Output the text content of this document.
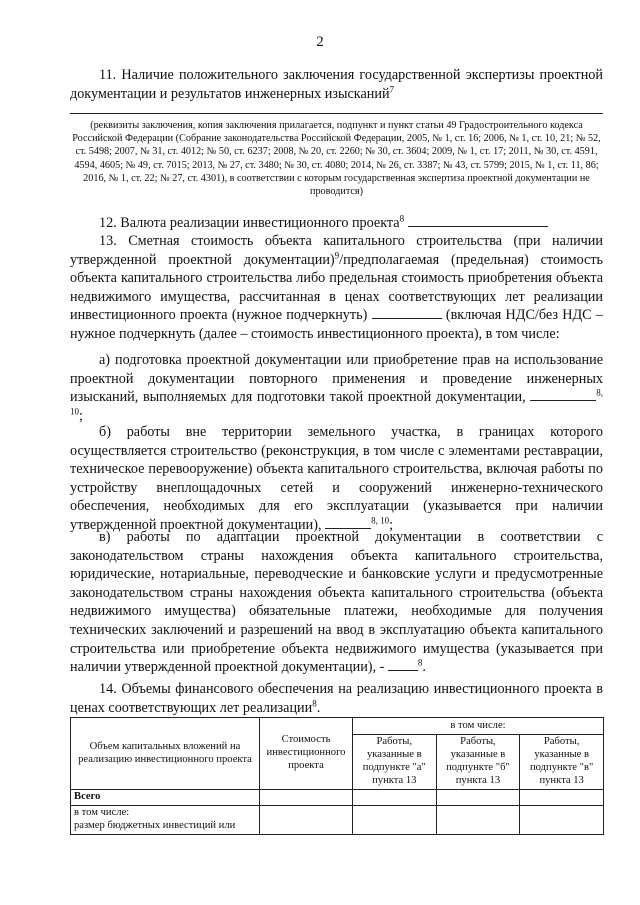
2

11. Наличие положительного заключения государственной экспертизы проектной документации и результатов инженерных изысканий$^7$

(реквизиты заключения, копия заключения прилагается, подпункт и пункт статьи 49 Градостроительного кодекса Российской Федерации (Собрание законодательства Российской Федерации, 2005, № 1, ст. 16; 2006, № 1, ст. 10, 21; № 52, ст. 5498; 2007, № 31, ст. 4012; № 50, ст. 6237; 2008, № 20, ст. 2260; № 30, ст. 3604; 2009, № 1, ст. 17; 2011, № 30, ст. 4591, 4594, 4605; № 49, ст. 7015; 2013, № 27, ст. 3480; № 30, ст. 4080; 2014, № 26, ст. 3387; № 43, ст. 5799; 2015, № 1, ст. 11, 86; 2016, № 1, ст. 22; № 27, ст. 4301), в соответствии с которым государственная экспертиза проектной документации не проводится)

12. Валюта реализации инвестиционного проекта$^8$

13. Сметная стоимость объекта капитального строительства (при наличии утвержденной проектной документации)$^9$/предполагаемая (предельная) стоимость объекта капитального строительства либо предельная стоимость приобретения объекта недвижимого имущества, рассчитанная в ценах соответствующих лет реализации инвестиционного проекта (нужное подчеркнуть)	(включая НДС/без НДС – нужное подчеркнуть (далее – стоимость инвестиционного проекта), в том числе:

а) подготовка проектной документации или приобретение прав на использование проектной документации повторного применения и проведение инженерных изысканий, выполняемых для подготовки такой проектной документации,	$^{8, 10}$;

б) работы вне территории земельного участка, в границах которого осуществляется строительство (реконструкция, в том числе с элементами реставрации, техническое перевооружение) объекта капитального строительства, включая работы по устройству внеплощадочных сетей и сооружений инженерно-технического обеспечения, необходимых для его эксплуатации (указывается при наличии утвержденной проектной документации),	$^{8, 10}$;

в) работы по адаптации проектной документации в соответствии с законодательством страны нахождения объекта капитального строительства, юридические, нотариальные, переводческие и банковские услуги и предусмотренные законодательством страны нахождения объекта капитального строительства (объекта недвижимого имущества) обязательные платежи, необходимые для получения технических заключений и разрешений на ввод в эксплуатацию объекта капитального строительства или приобретение объекта недвижимого имущества (указывается при наличии утвержденной проектной документации), -	$^8$.

14. Объемы финансового обеспечения на реализацию инвестиционного проекта в ценах соответствующих лет реализации$^8$.

Объем капитальных вложений на реализацию инвестиционного проекта	Стоимость инвестиционного проекта	в том числе:		
		Работы, указанные в подпункте "а" пункта 13	Работы, указанные в подпункте "б" пункта 13	Работы, указанные в подпункте "в" пункта 13
Всего				
в том числе:
размер бюджетных инвестиций или				
